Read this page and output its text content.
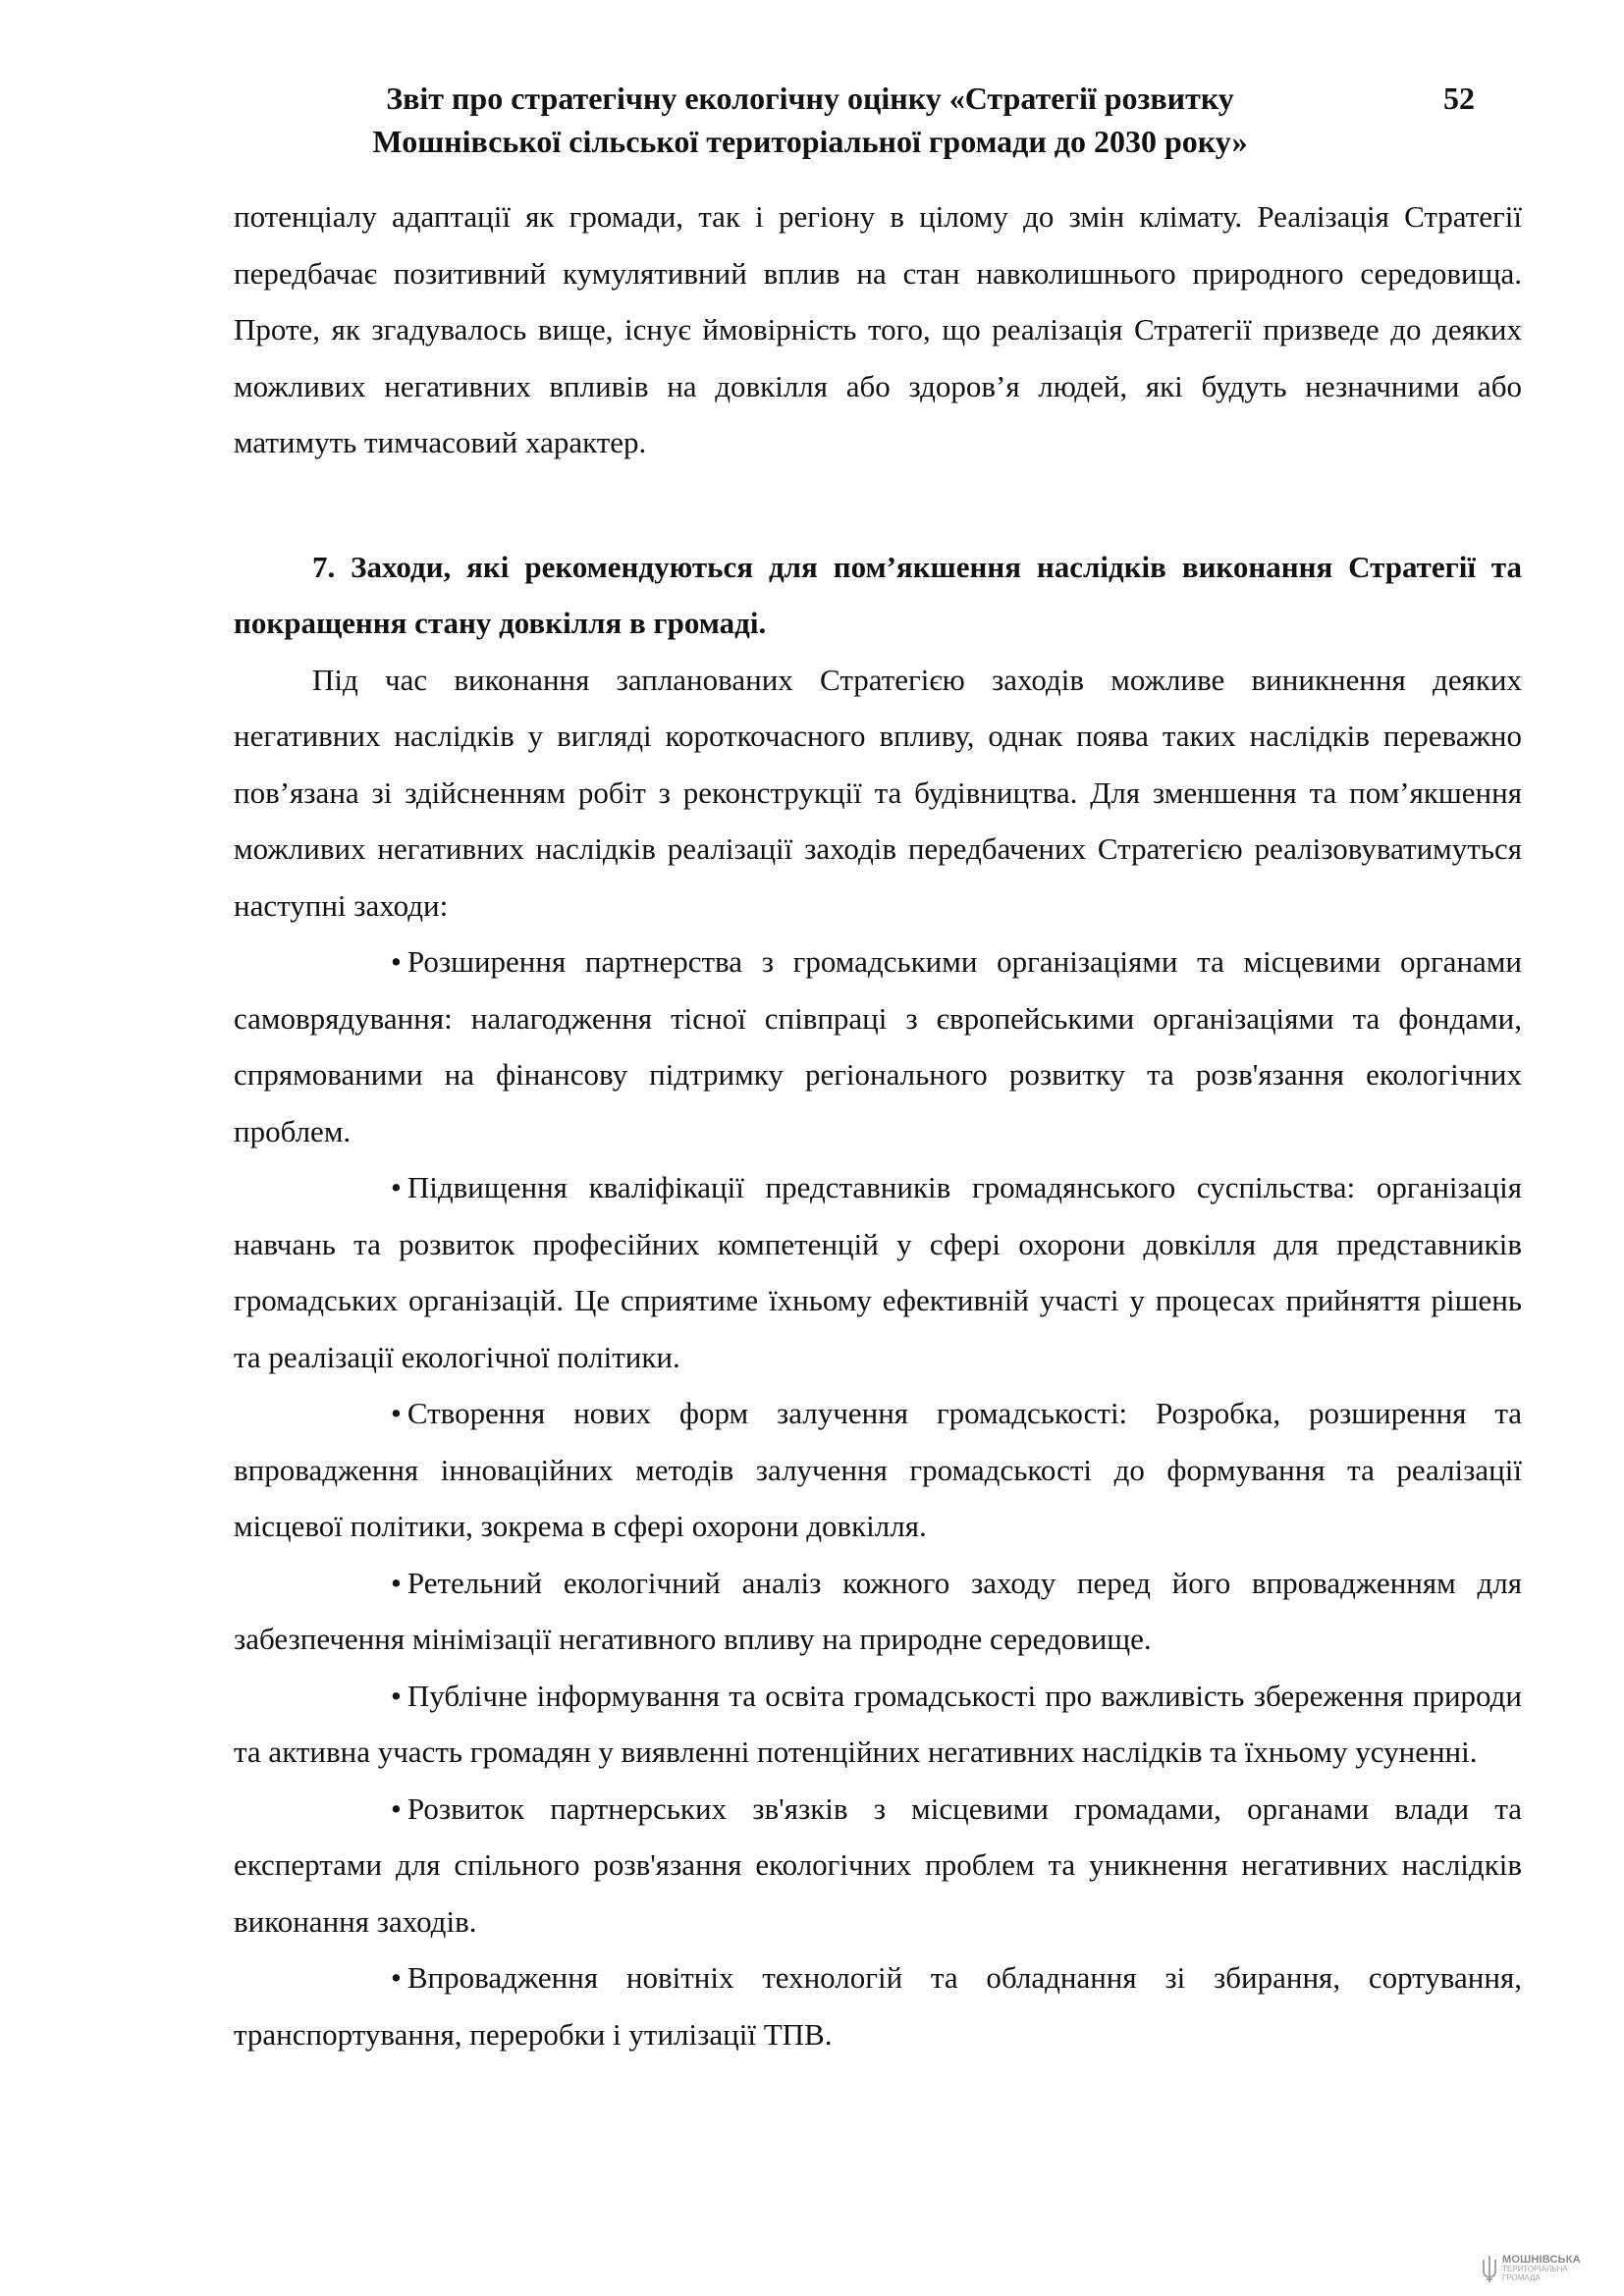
Звіт про стратегічну екологічну оцінку «Стратегії розвитку
Мошнівської сільської територіальної громади до 2030 року»
52

потенціалу адаптації як громади, так і регіону в цілому до змін клімату. Реалізація Стратегії передбачає позитивний кумулятивний вплив на стан навколишнього природного середовища. Проте, як згадувалось вище, існує ймовірність того, що реалізація Стратегії призведе до деяких можливих негативних впливів на довкілля або здоров’я людей, які будуть незначними або матимуть тимчасовий характер.

7. Заходи, які рекомендуються для пом’якшення наслідків виконання Стратегії та покращення стану довкілля в громаді.

Під час виконання запланованих Стратегією заходів можливе виникнення деяких негативних наслідків у вигляді короткочасного впливу, однак поява таких наслідків переважно пов’язана зі здійсненням робіт з реконструкції та будівництва. Для зменшення та пом’якшення можливих негативних наслідків реалізації заходів передбачених Стратегією реалізовуватимуться наступні заходи:

• Розширення партнерства з громадськими організаціями та місцевими органами самоврядування: налагодження тісної співпраці з європейськими організаціями та фондами, спрямованими на фінансову підтримку регіонального розвитку та розв'язання екологічних проблем.

• Підвищення кваліфікації представників громадянського суспільства: організація навчань та розвиток професійних компетенцій у сфері охорони довкілля для представників громадських організацій. Це сприятиме їхньому ефективній участі у процесах прийняття рішень та реалізації екологічної політики.

• Створення нових форм залучення громадськості: Розробка, розширення та впровадження інноваційних методів залучення громадськості до формування та реалізації місцевої політики, зокрема в сфері охорони довкілля.

• Ретельний екологічний аналіз кожного заходу перед його впровадженням для забезпечення мінімізації негативного впливу на природне середовище.

• Публічне інформування та освіта громадськості про важливість збереження природи та активна участь громадян у виявленні потенційних негативних наслідків та їхньому усуненні.

• Розвиток партнерських зв'язків з місцевими громадами, органами влади та експертами для спільного розв'язання екологічних проблем та уникнення негативних наслідків виконання заходів.

• Впровадження новітніх технологій та обладнання зі збирання, сортування, транспортування, переробки і утилізації ТПВ.

МОШНІВСЬКА
ТЕРИТОРІАЛЬНА
ГРОМАДА
